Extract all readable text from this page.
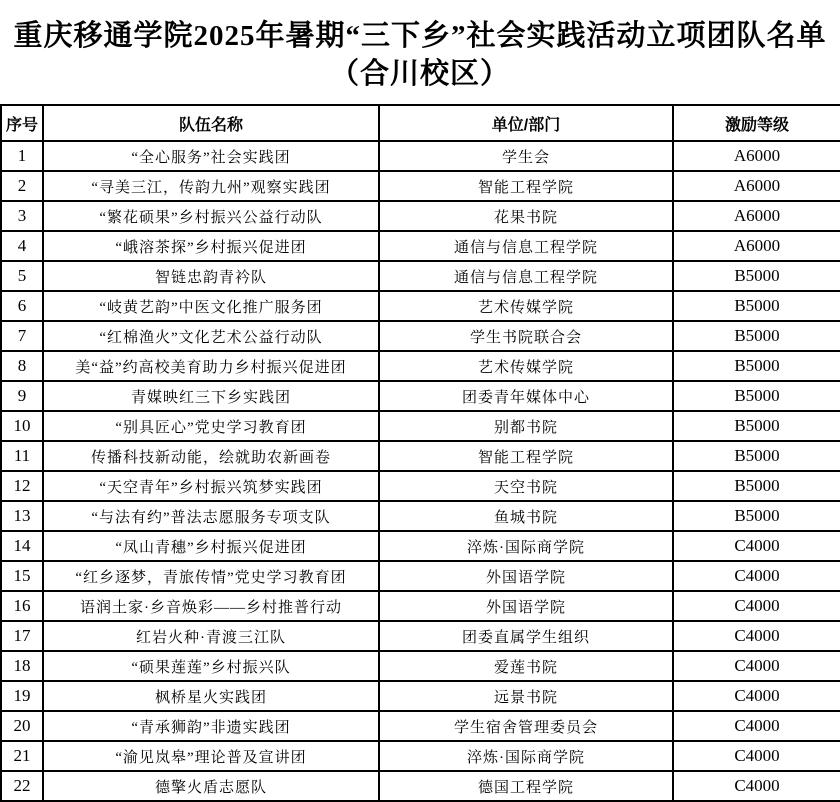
重庆移通学院2025年暑期“三下乡”社会实践活动立项团队名单
（合川校区）
序号	队伍名称	单位/部门	激励等级
1	“全心服务”社会实践团	学生会	A6000
2	“寻美三江，传韵九州”观察实践团	智能工程学院	A6000
3	“繁花硕果”乡村振兴公益行动队	花果书院	A6000
4	“峨溶茶探”乡村振兴促进团	通信与信息工程学院	A6000
5	智链忠韵青衿队	通信与信息工程学院	B5000
6	“岐黄艺韵”中医文化推广服务团	艺术传媒学院	B5000
7	“红棉渔火”文化艺术公益行动队	学生书院联合会	B5000
8	美“益”约高校美育助力乡村振兴促进团	艺术传媒学院	B5000
9	青媒映红三下乡实践团	团委青年媒体中心	B5000
10	“别具匠心”党史学习教育团	别都书院	B5000
11	传播科技新动能，绘就助农新画卷	智能工程学院	B5000
12	“天空青年”乡村振兴筑梦实践团	天空书院	B5000
13	“与法有约”普法志愿服务专项支队	鱼城书院	B5000
14	“凤山青穗”乡村振兴促进团	淬炼·国际商学院	C4000
15	“红乡逐梦，青旅传情”党史学习教育团	外国语学院	C4000
16	语润土家·乡音焕彩——乡村推普行动	外国语学院	C4000
17	红岩火种·青渡三江队	团委直属学生组织	C4000
18	“硕果莲莲”乡村振兴队	爱莲书院	C4000
19	枫桥星火实践团	远景书院	C4000
20	“青承狮韵”非遗实践团	学生宿舍管理委员会	C4000
21	“渝见岚皋”理论普及宣讲团	淬炼·国际商学院	C4000
22	德擎火盾志愿队	德国工程学院	C4000
